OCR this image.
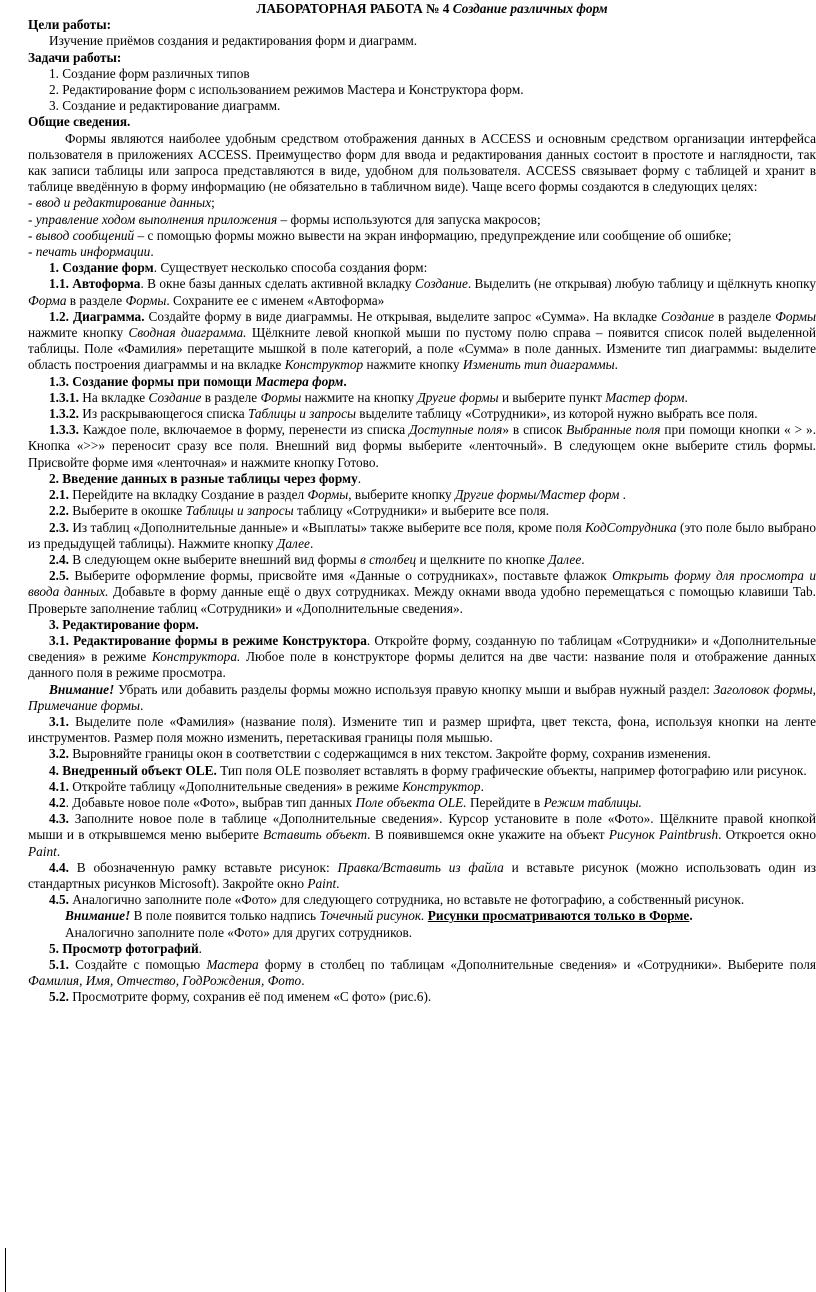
ЛАБОРАТОРНАЯ РАБОТА № 4 Создание различных форм

Цели работы:

Изучение приёмов создания и редактирования форм и диаграмм.

Задачи работы:

1. Создание форм различных типов

2. Редактирование форм с использованием режимов Мастера и Конструктора форм.

3. Создание и редактирование диаграмм.

Общие сведения.

Формы являются наиболее удобным средством отображения данных в ACCESS и основным средством организации интерфейса пользователя в приложениях ACCESS. Преимущество форм для ввода и редактирования данных состоит в простоте и наглядности, так как записи таблицы или запроса представляются в виде, удобном для пользователя. ACCESS связывает форму с таблицей и хранит в таблице введённую в форму информацию (не обязательно в табличном виде). Чаще всего формы создаются в следующих целях:

- ввод и редактирование данных;

- управление ходом выполнения приложения – формы используются для запуска макросов;

- вывод сообщений – с помощью формы можно вывести на экран информацию, предупреждение или сообщение об ошибке;

- печать информации.

1. Создание форм. Существует несколько способа создания форм:

1.1. Автоформа. В окне базы данных сделать активной вкладку Создание. Выделить (не открывая) любую таблицу и щёлкнуть кнопку Форма в разделе Формы. Сохраните ее с именем «Автоформа»

1.2. Диаграмма. Создайте форму в виде диаграммы. Не открывая, выделите запрос «Сумма». На вкладке Создание в разделе Формы нажмите кнопку Сводная диаграмма. Щёлкните левой кнопкой мыши по пустому полю справа – появится список полей выделенной таблицы. Поле «Фамилия» перетащите мышкой в поле категорий, а поле «Сумма» в поле данных. Измените тип диаграммы: выделите область построения диаграммы и на вкладке Конструктор нажмите кнопку Изменить тип диаграммы.

1.3. Создание формы при помощи Мастера форм.

1.3.1. На вкладке Создание в разделе Формы нажмите на кнопку Другие формы и выберите пункт Мастер форм.

1.3.2. Из раскрывающегося списка Таблицы и запросы выделите таблицу «Сотрудники», из которой нужно выбрать все поля.

1.3.3. Каждое поле, включаемое в форму, перенести из списка Доступные поля» в список Выбранные поля при помощи кнопки « > ». Кнопка «>>» переносит сразу все поля. Внешний вид формы выберите «ленточный». В следующем окне выберите стиль формы. Присвойте форме имя «ленточная» и нажмите кнопку Готово.

2. Введение данных в разные таблицы через форму.

2.1. Перейдите на вкладку Создание в раздел Формы, выберите кнопку Другие формы/Мастер форм .

2.2. Выберите в окошке Таблицы и запросы таблицу «Сотрудники» и выберите все поля.

2.3. Из таблиц «Дополнительные данные» и «Выплаты» также выберите все поля, кроме поля КодСотрудника (это поле было выбрано из предыдущей таблицы). Нажмите кнопку Далее.

2.4. В следующем окне выберите внешний вид формы в столбец и щелкните по кнопке Далее.

2.5. Выберите оформление формы, присвойте имя «Данные о сотрудниках», поставьте флажок Открыть форму для просмотра и ввода данных. Добавьте в форму данные ещё о двух сотрудниках. Между окнами ввода удобно перемещаться с помощью клавиши Tab. Проверьте заполнение таблиц «Сотрудники» и «Дополнительные сведения».

3. Редактирование форм.

3.1. Редактирование формы в режиме Конструктора. Откройте форму, созданную по таблицам «Сотрудники» и «Дополнительные сведения» в режиме Конструктора. Любое поле в конструкторе формы делится на две части: название поля и отображение данных данного поля в режиме просмотра.

Внимание! Убрать или добавить разделы формы можно используя правую кнопку мыши и выбрав нужный раздел: Заголовок формы, Примечание формы.

3.1. Выделите поле «Фамилия» (название поля). Измените тип и размер шрифта, цвет текста, фона, используя кнопки на ленте инструментов. Размер поля можно изменить, перетаскивая границы поля мышью.

3.2. Выровняйте границы окон в соответствии с содержащимся в них текстом. Закройте форму, сохранив изменения.

4. Внедренный объект OLE. Тип поля OLE позволяет вставлять в форму графические объекты, например фотографию или рисунок.

4.1. Откройте таблицу «Дополнительные сведения» в режиме Конструктор.

4.2. Добавьте новое поле «Фото», выбрав тип данных Поле объекта OLE. Перейдите в Режим таблицы.

4.3. Заполните новое поле в таблице «Дополнительные сведения». Курсор установите в поле «Фото». Щёлкните правой кнопкой мыши и в открывшемся меню выберите Вставить объект. В появившемся окне укажите на объект Рисунок Paintbrush. Откроется окно Paint.

4.4. В обозначенную рамку вставьте рисунок: Правка/Вставить из файла и вставьте рисунок (можно использовать один из стандартных рисунков Microsoft). Закройте окно Paint.

4.5. Аналогично заполните поле «Фото» для следующего сотрудника, но вставьте не фотографию, а собственный рисунок.

Внимание! В поле появится только надпись Точечный рисунок. Рисунки просматриваются только в Форме.

Аналогично заполните поле «Фото» для других сотрудников.

5. Просмотр фотографий.

5.1. Создайте с помощью Мастера форму в столбец по таблицам «Дополнительные сведения» и «Сотрудники». Выберите поля Фамилия, Имя, Отчество, ГодРождения, Фото.

5.2. Просмотрите форму, сохранив её под именем «С фото» (рис.6).
